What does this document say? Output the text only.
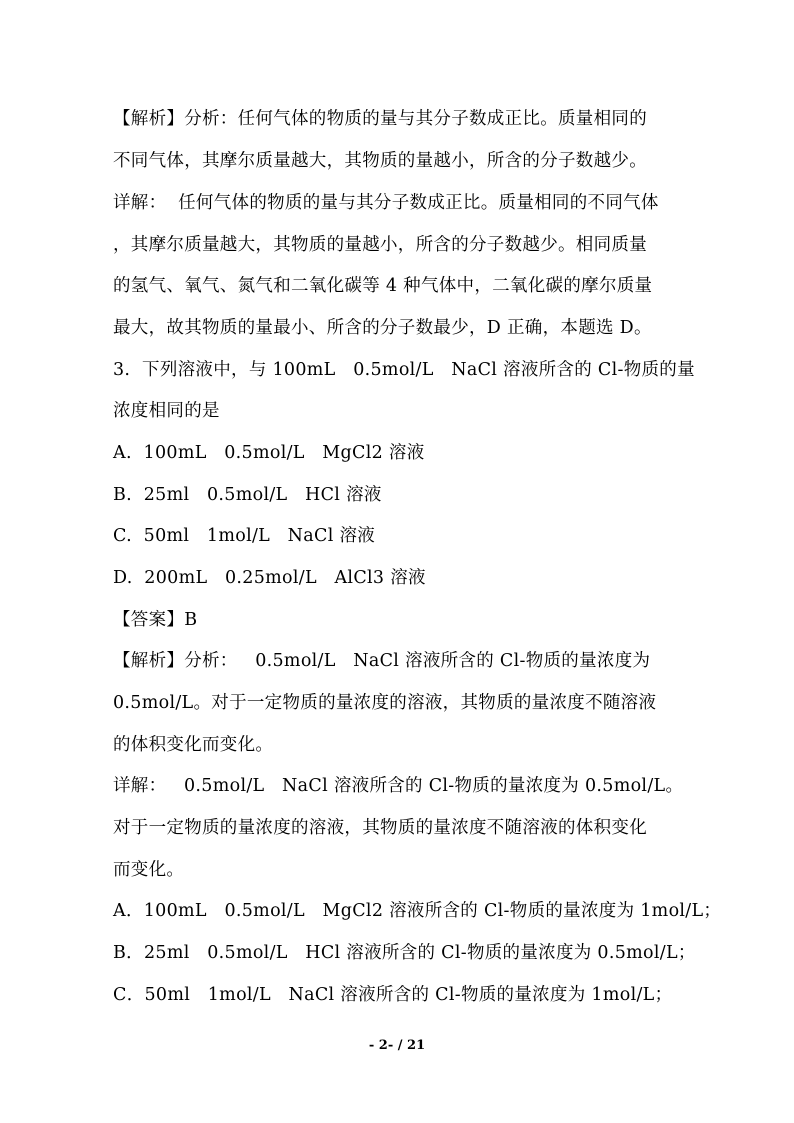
【解析】分析：任何气体的物质的量与其分子数成正比。质量相同的
不同气体，其摩尔质量越大，其物质的量越小，所含的分子数越少。
详解：  任何气体的物质的量与其分子数成正比。质量相同的不同气体
，其摩尔质量越大，其物质的量越小，所含的分子数越少。相同质量
的氢气、氧气、氮气和二氧化碳等 4 种气体中，二氧化碳的摩尔质量
最大，故其物质的量最小、所含的分子数最少，D 正确，本题选 D。
3.  下列溶液中，与 100mL   0.5mol/L   NaCl 溶液所含的 Cl-物质的量
浓度相同的是
A.  100mL   0.5mol/L   MgCl2 溶液
B.  25ml   0.5mol/L   HCl 溶液
C.  50ml   1mol/L   NaCl 溶液
D.  200mL   0.25mol/L   AlCl3 溶液
【答案】B
【解析】分析：   0.5mol/L   NaCl 溶液所含的 Cl-物质的量浓度为
0.5mol/L。对于一定物质的量浓度的溶液，其物质的量浓度不随溶液
的体积变化而变化。
详解：   0.5mol/L   NaCl 溶液所含的 Cl-物质的量浓度为 0.5mol/L。
对于一定物质的量浓度的溶液，其物质的量浓度不随溶液的体积变化
而变化。
A．100mL   0.5mol/L   MgCl2 溶液所含的 Cl-物质的量浓度为 1mol/L；
B．25ml   0.5mol/L   HCl 溶液所含的 Cl-物质的量浓度为 0.5mol/L；
C．50ml   1mol/L   NaCl 溶液所含的 Cl-物质的量浓度为 1mol/L；
- 2- / 21
